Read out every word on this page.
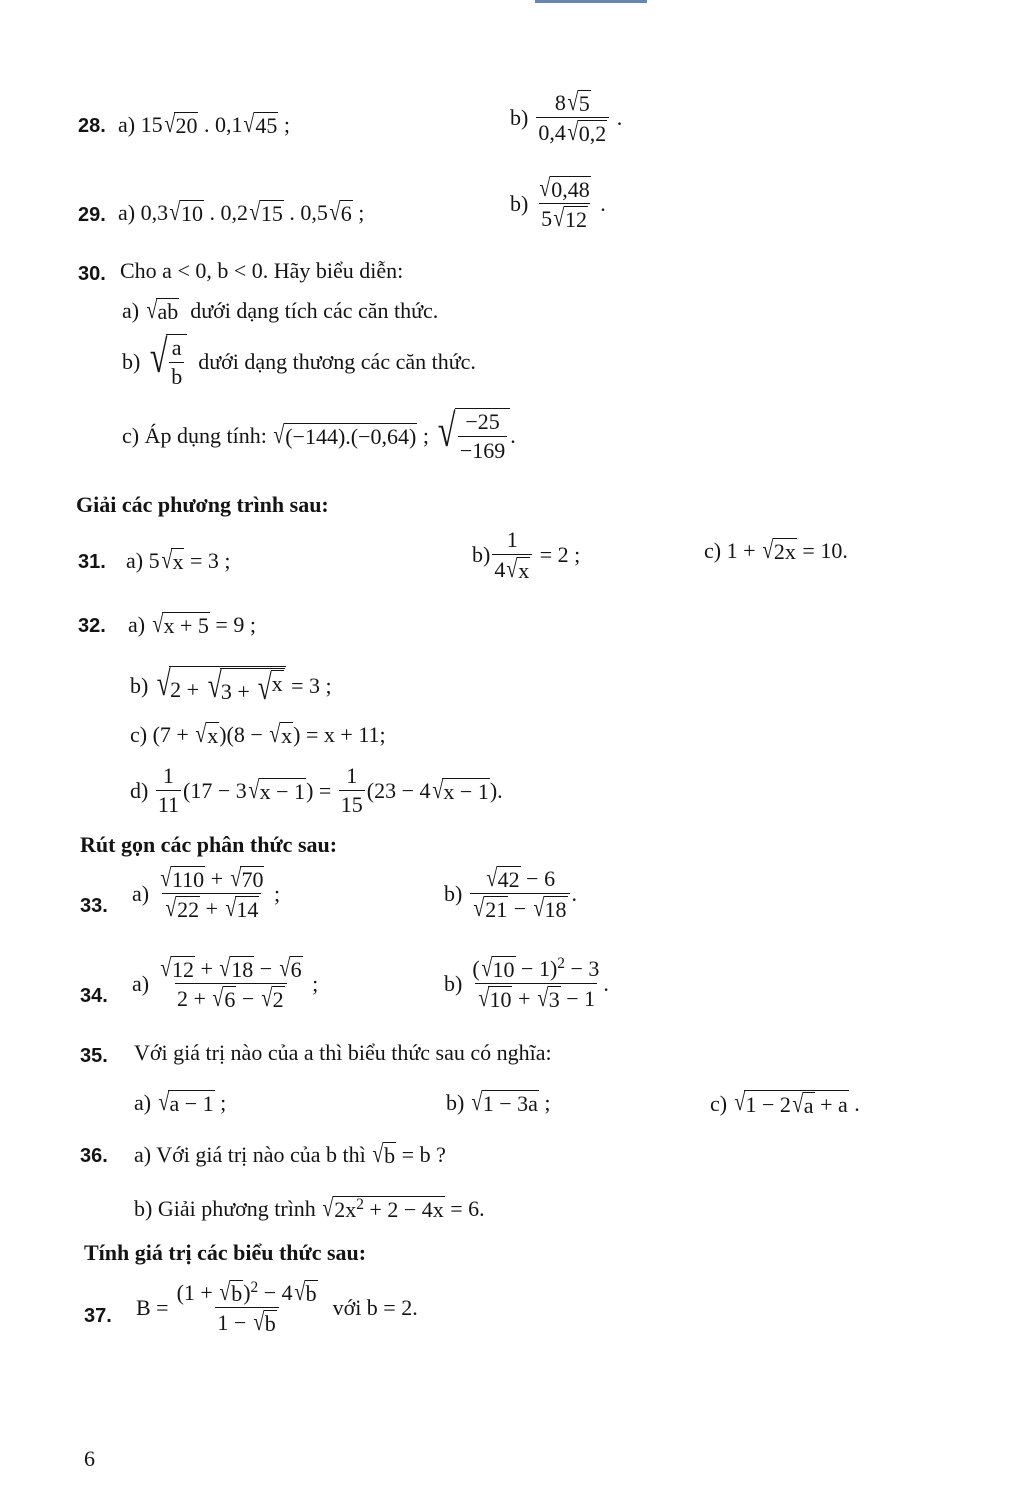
28. a) 15 √ 20 . 0,1 √ 45 ;	b)
8 √ 5
0,4 √ 0,2
.
29. a) 0,3 √ 10 . 0,2 √ 15 . 0,5 √ 6 ;	b)
√ 0,48
5 √ 12
.
30. Cho a < 0, b < 0. Hãy biểu diễn:
a)
√ ab
dưới dạng tích các căn thức.
b)
√ $\frac{a}{b}$
dưới dạng thương các căn thức.
c) Áp dụng tính:
√ (−144).(−0,64) ; √ $\frac{-25}{-169}$ .
Giải các phương trình sau:
31. a) 5 √ x = 3 ;	b)
1
4 √ x
= 2 ;	c) 1 + √ 2x = 10.
32. a)
√ x + 5 = 9 ;
b)
√ 2 + √ 3 + √ x = 3 ;
c) (7 + √ x )(8 − √ x ) = x + 11;
d)

1
11
(17 − 3 √ x − 1 ) =
1
15
(23 − 4 √ x − 1 ).
Rút gọn các phân thức sau:
33.
a)
√ 110 + √ 70
√ 22 + √ 14
;	b)
√ 42 − 6
√ 21 − √ 18
.
34.
a)
√ 12 + √ 18 − √ 6
2 + √ 6 − √ 2
;	b)
( √ 10 − 1)$^2$ − 3
√ 10 + √ 3 − 1
.
35. Với giá trị nào của a thì biểu thức sau có nghĩa:
a)
√ a − 1 ;	b)
√ 1 − 3a ;	c)
√ 1 − 2 √ a + a .
36. a) Với giá trị nào của b thì
√ b = b ?
b) Giải phương trình
√ $2x^2 + 2 - 4x = 6$.
Tính giá trị các biểu thức sau:
37. $B = \frac{(1 + √ b )^2 - 4 √ b}{1 - √ b}$
với b = 2.
6
